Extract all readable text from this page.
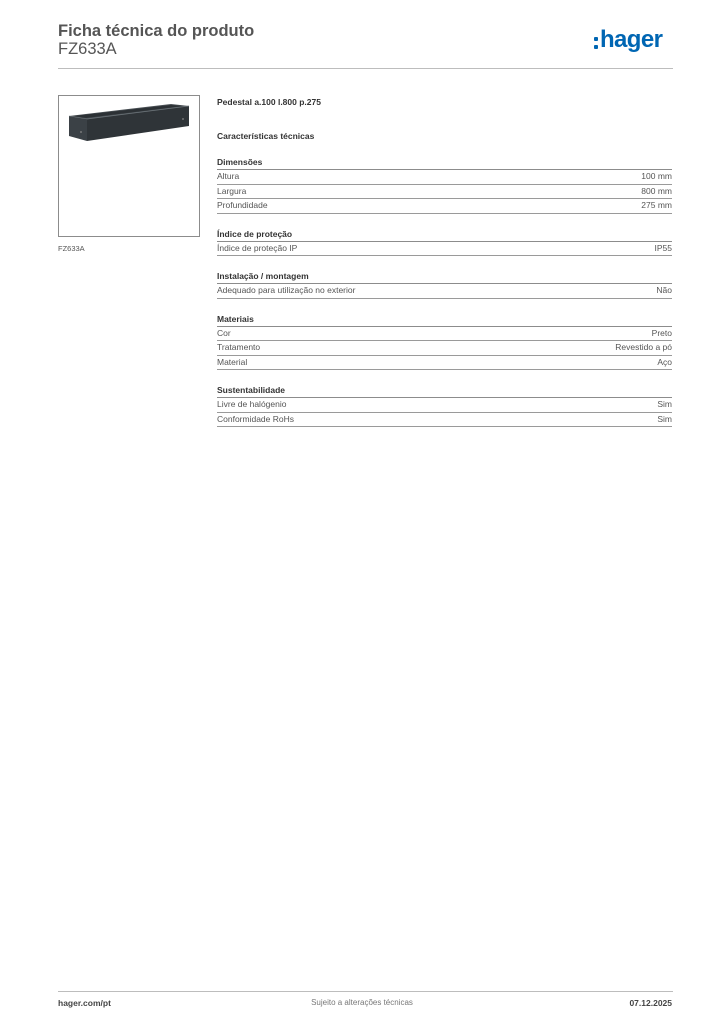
Ficha técnica do produto
FZ633A	hager
FZ633A
Pedestal a.100 l.800 p.275
Características técnicas
Dimensões
Altura	100 mm
Largura	800 mm
Profundidade	275 mm
Índice de proteção
Índice de proteção IP	IP55
Instalação / montagem
Adequado para utilização no exterior	Não
Materiais
Cor	Preto
Tratamento	Revestido a pó
Material	Aço
Sustentabilidade
Livre de halógenio	Sim
Conformidade RoHs	Sim
hager.com/pt	Sujeito a alterações técnicas	07.12.2025
